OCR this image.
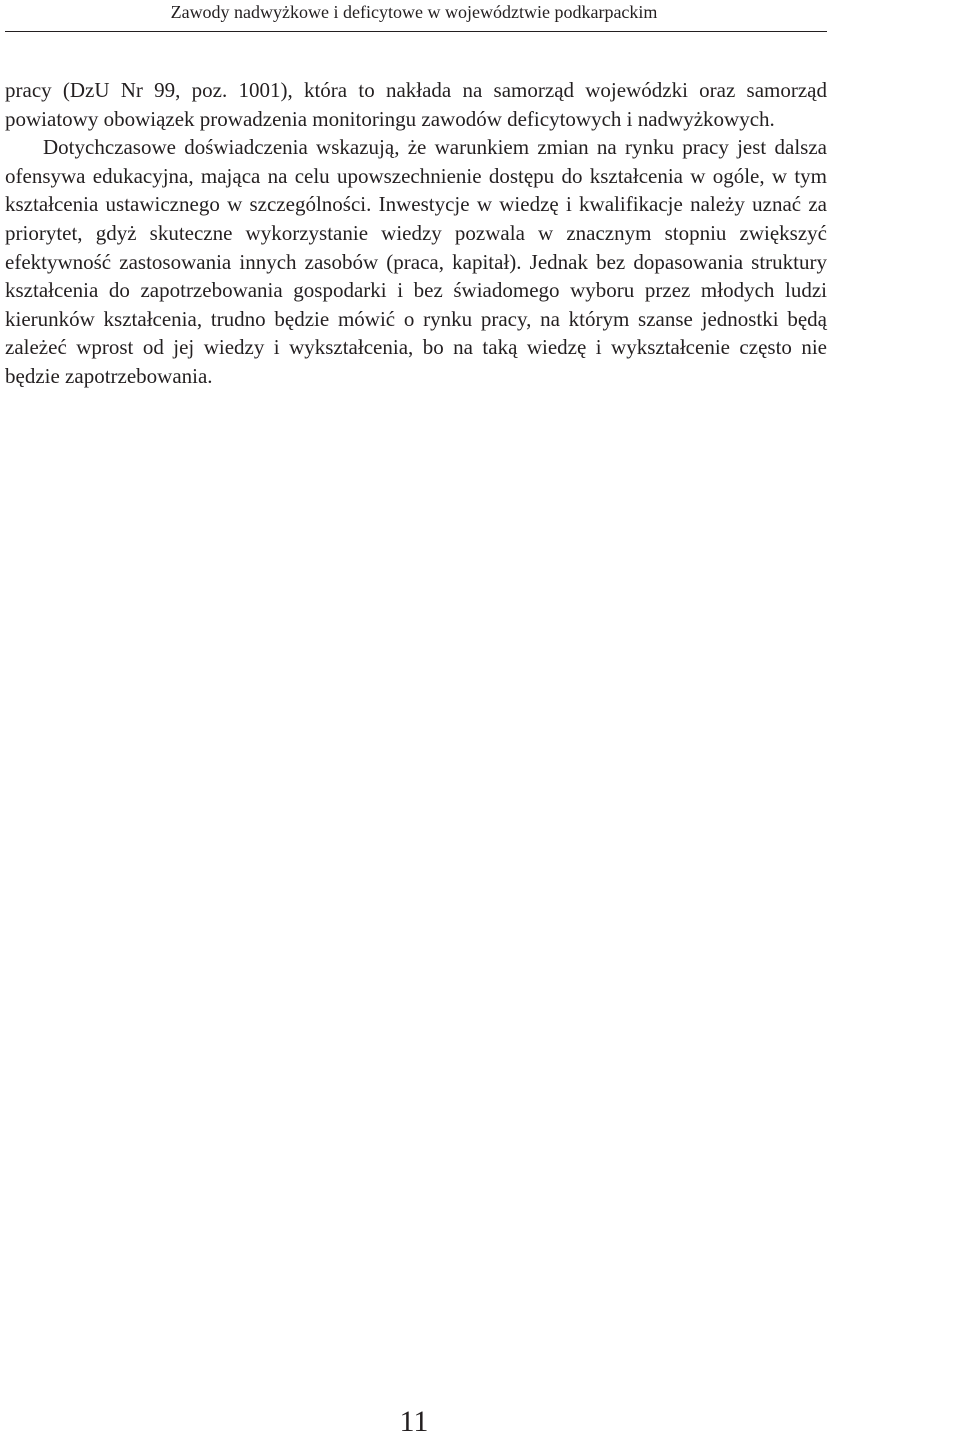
Zawody nadwyżkowe i deficytowe w województwie podkarpackim
pracy (DzU Nr 99, poz. 1001), która to nakłada na samorząd wojewódzki oraz samorząd powiatowy obowiązek prowadzenia monitoringu zawodów deficytowych i nadwyżkowych.
Dotychczasowe doświadczenia wskazują, że warunkiem zmian na rynku pracy jest dalsza ofensywa edukacyjna, mająca na celu upowszechnienie dostępu do kształcenia w ogóle, w tym kształcenia ustawicznego w szczególności. Inwestycje w wiedzę i kwalifikacje należy uznać za priorytet, gdyż skuteczne wykorzystanie wiedzy pozwala w znacznym stopniu zwiększyć efektywność zastosowania innych zasobów (praca, kapitał). Jednak bez dopasowania struktury kształcenia do zapotrzebowania gospodarki i bez świadomego wyboru przez młodych ludzi kierunków kształcenia, trudno będzie mówić o rynku pracy, na którym szanse jednostki będą zależeć wprost od jej wiedzy i wykształcenia, bo na taką wiedzę i wykształcenie często nie będzie zapotrzebowania.
11
